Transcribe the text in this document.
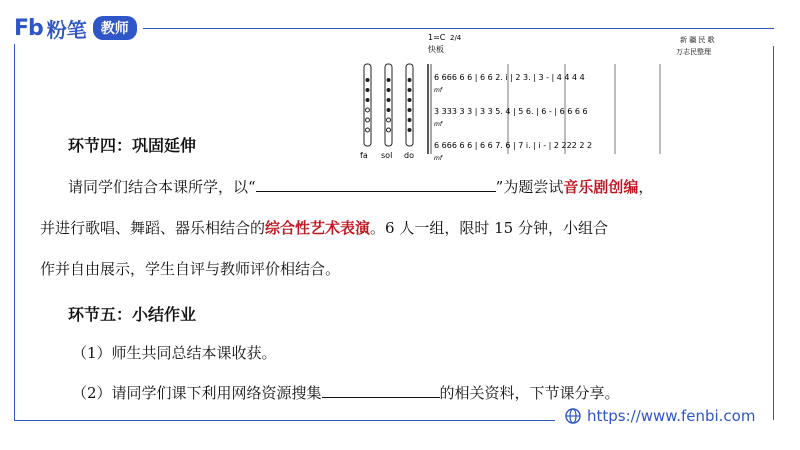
Fb 粉笔	教师
1=C 2/4
快板
新 疆 民 歌
万志民整理
fa sol do
6 666 6 6 | 6 6 2. i | 2 3. | 3 - | 4 4 4 4
3 333 3 3 | 3 3 5. 4 | 5 6. | 6 - | 6 6 6 6
6 666 6 6 | 6 6 7. 6 | 7 i. | i - | 2 222 2 2
mf
mf
mf
环节四：巩固延伸
请同学们结合本课所学，以“	”为题尝试音乐剧创编，
并进行歌唱、舞蹈、器乐相结合的综合性艺术表演。6 人一组，限时 15 分钟，小组合
作并自由展示，学生自评与教师评价相结合。
环节五：小结作业
（1）师生共同总结本课收获。
（2）请同学们课下利用网络资源搜集	的相关资料，下节课分享。
https://www.fenbi.com
